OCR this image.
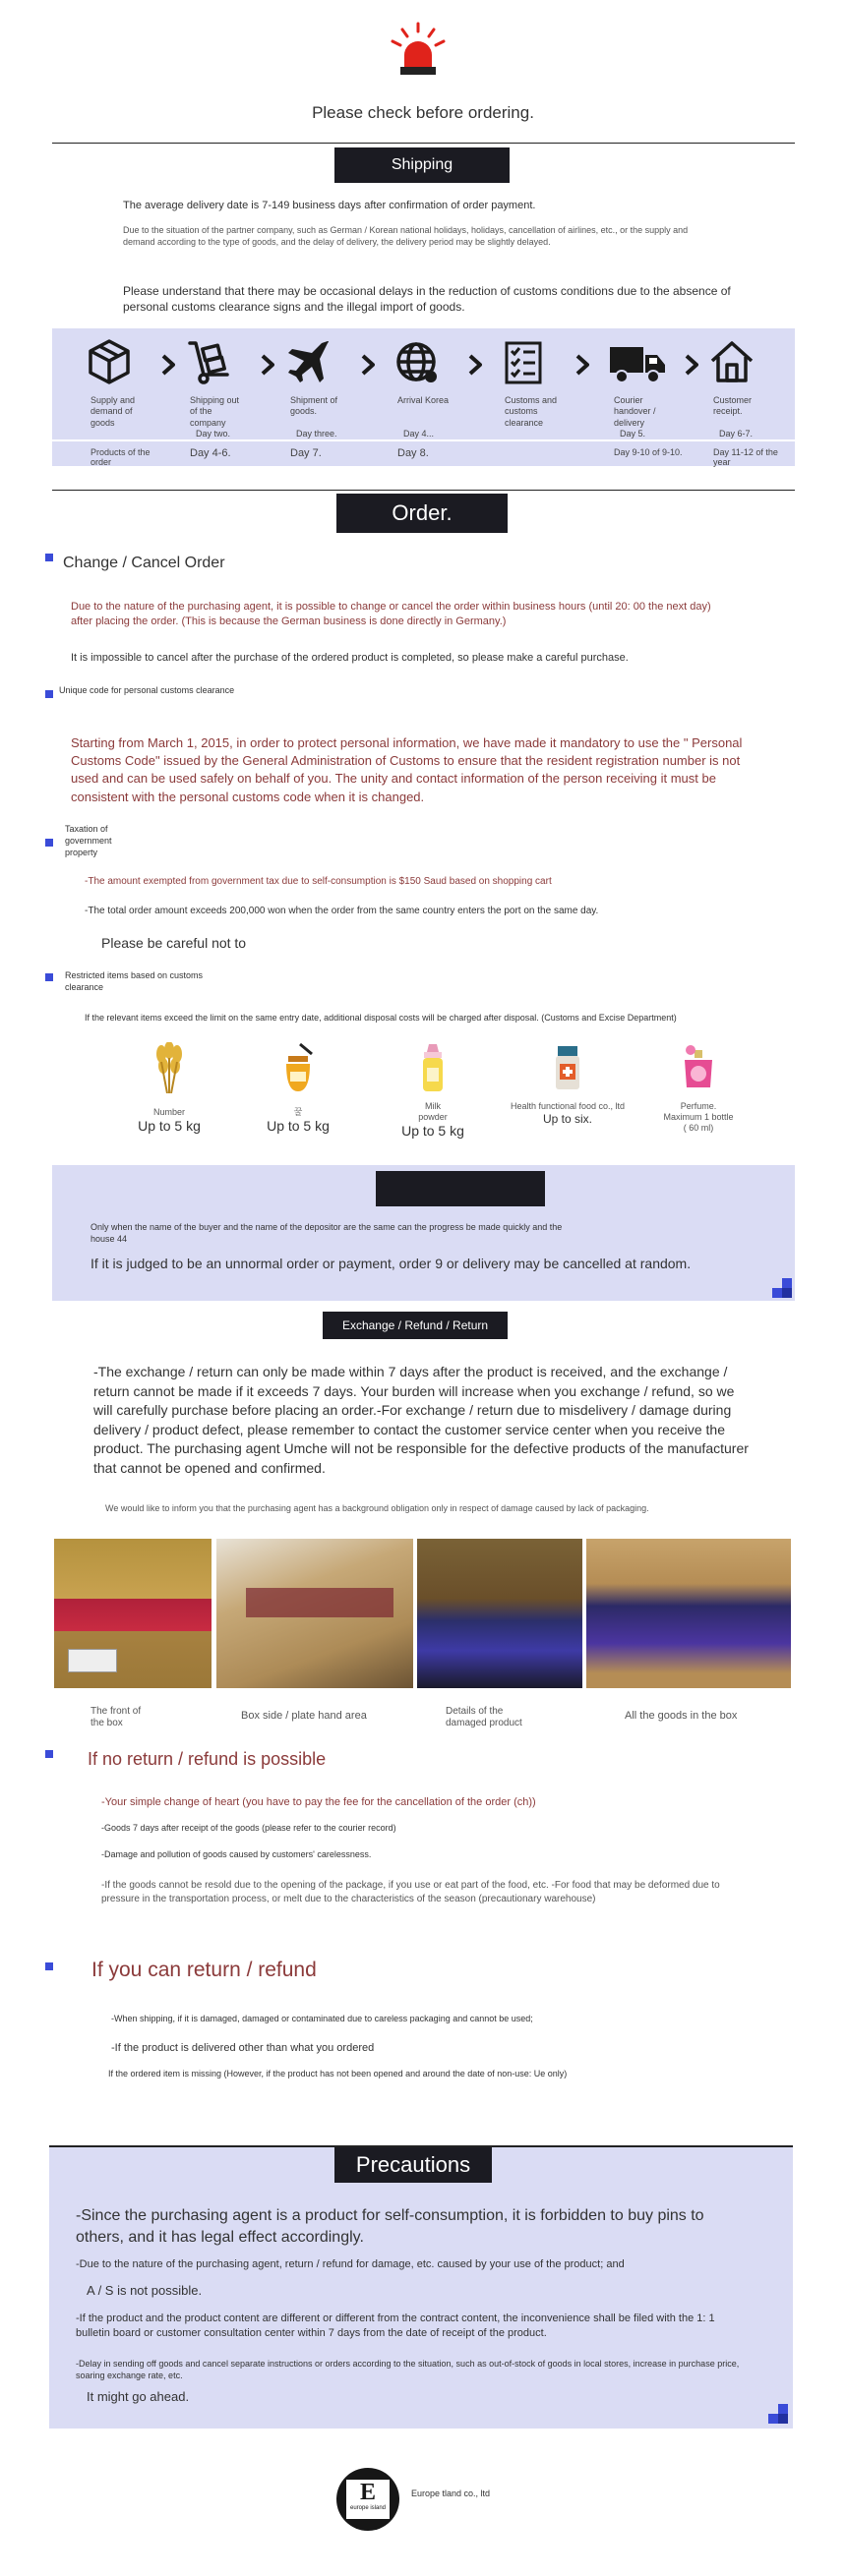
Please check before ordering.

Shipping

The average delivery date is 7-149 business days after confirmation of order payment.

Due to the situation of the partner company, such as German / Korean national holidays, holidays, cancellation of airlines, etc., or the supply and demand according to the type of goods, and the delay of delivery, the delivery period may be slightly delayed.

Please understand that there may be occasional delays in the reduction of customs conditions due to the absence of personal customs clearance signs and the illegal import of goods.

Supply and demand of goods
Products of the order
Shipping out of the company
Day two.
Day 4-6.
Shipment of goods.
Day three.
Day 7.
Arrival Korea
Day 4...
Day 8.
Customs and customs clearance
Courier handover / delivery
Day 5.
Day 9-10 of 9-10.
Customer receipt.
Day 6-7.
Day 11-12 of the year
Order.

Change / Cancel Order

Due to the nature of the purchasing agent, it is possible to change or cancel the order within business hours (until 20: 00 the next day) after placing the order. (This is because the German business is done directly in Germany.)

It is impossible to cancel after the purchase of the ordered product is completed, so please make a careful purchase.

Unique code for personal customs clearance

Starting from March 1, 2015, in order to protect personal information, we have made it mandatory to use the " Personal Customs Code" issued by the General Administration of Customs to ensure that the resident registration number is not used and can be used safely on behalf of you. The unity and contact information of the person receiving it must be consistent with the personal customs code when it is changed.

Taxation of government property

-The amount exempted from government tax due to self-consumption is $150 Saud based on shopping cart

-The total order amount exceeds 200,000 won when the order from the same country enters the port on the same day.

Please be careful not to

Restricted items based on customs clearance

If the relevant items exceed the limit on the same entry date, additional disposal costs will be charged after disposal. (Customs and Excise Department)

Number
Up to 5 kg
꿀
Up to 5 kg
Milk powder
Up to 5 kg
Health functional food co., ltd
Up to six.
Perfume. Maximum 1 bottle ( 60 ml)

Only when the name of the buyer and the name of the depositor are the same can the progress be made quickly and the house 44

If it is judged to be an unnormal order or payment, order 9 or delivery may be cancelled at random.

Exchange / Refund / Return

-The exchange / return can only be made within 7 days after the product is received, and the exchange / return cannot be made if it exceeds 7 days. Your burden will increase when you exchange / refund, so we will carefully purchase before placing an order.-For exchange / return due to misdelivery / damage during delivery / product defect, please remember to contact the customer service center when you receive the product. The purchasing agent Umche will not be responsible for the defective products of the manufacturer that cannot be opened and confirmed.

We would like to inform you that the purchasing agent has a background obligation only in respect of damage caused by lack of packaging.

The front of the box

Box side / plate hand area	Details of the damaged product

All the goods in the box

If no return / refund is possible

-Your simple change of heart (you have to pay the fee for the cancellation of the order (ch))

-Goods 7 days after receipt of the goods (please refer to the courier record)

-Damage and pollution of goods caused by customers' carelessness.

-If the goods cannot be resold due to the opening of the package, if you use or eat part of the food, etc. -For food that may be deformed due to pressure in the transportation process, or melt due to the characteristics of the season (precautionary warehouse)

If you can return / refund

-When shipping, if it is damaged, damaged or contaminated due to careless packaging and cannot be used;

-If the product is delivered other than what you ordered

If the ordered item is missing (However, if the product has not been opened and around the date of non-use: Ue only)

Precautions

-Since the purchasing agent is a product for self-consumption, it is forbidden to buy pins to others, and it has legal effect accordingly.

-Due to the nature of the purchasing agent, return / refund for damage, etc. caused by your use of the product; and

A / S is not possible.

-If the product and the product content are different or different from the contract content, the inconvenience shall be filed with the 1: 1 bulletin board or customer consultation center within 7 days from the date of receipt of the product.

-Delay in sending off goods and cancel separate instructions or orders according to the situation, such as out-of-stock of goods in local stores, increase in purchase price, soaring exchange rate, etc.

It might go ahead.

E
europe island

Europe tland co., ltd
